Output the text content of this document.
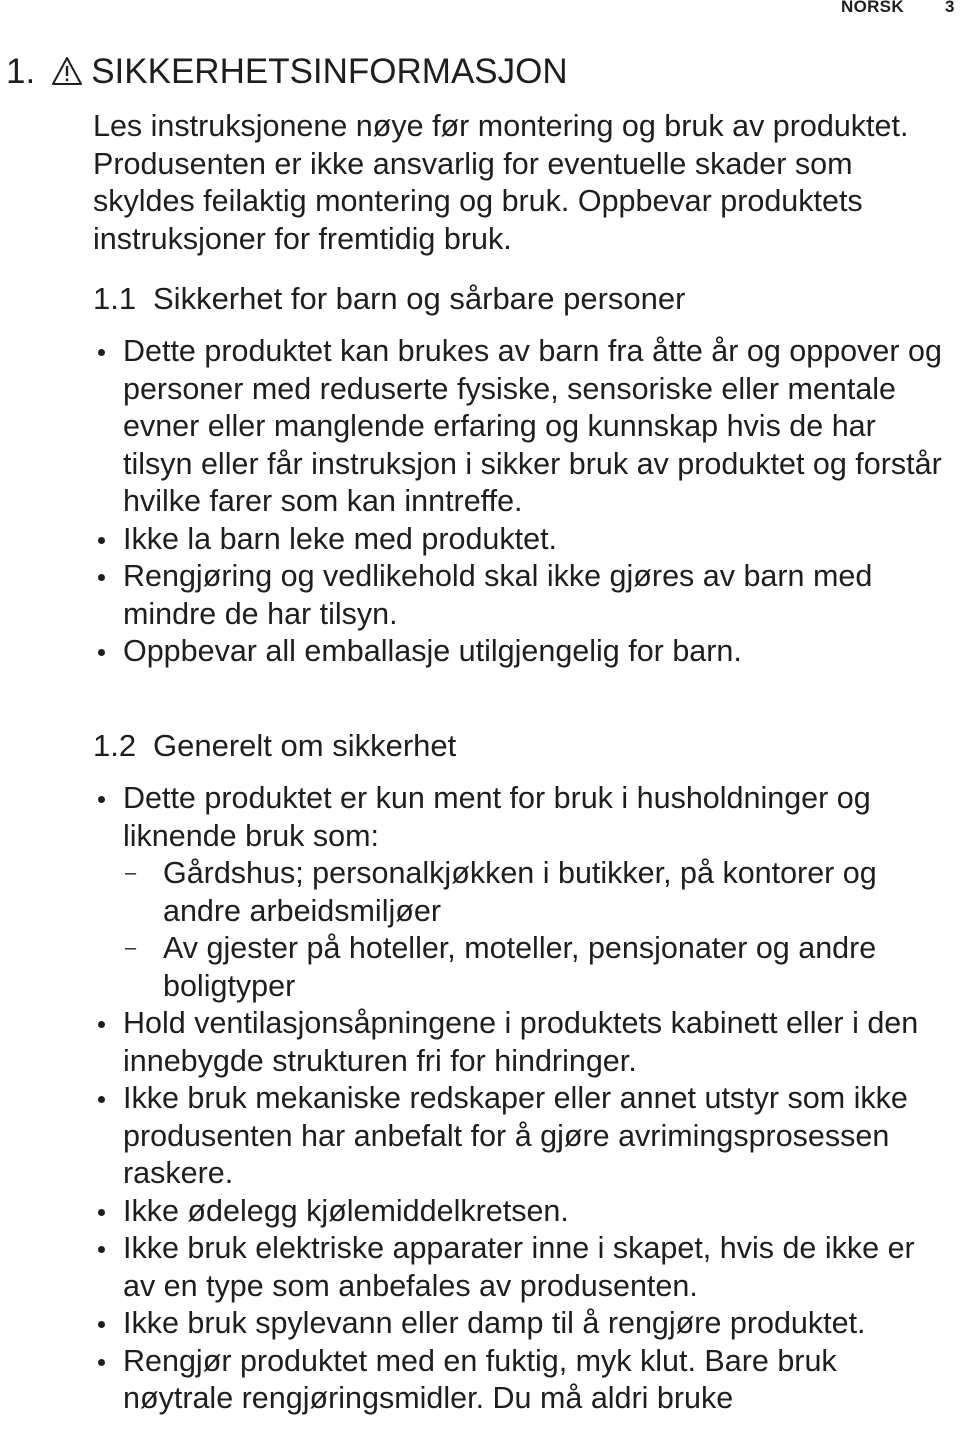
NORSK 3
1. SIKKERHETSINFORMASJON

Les instruksjonene nøye før montering og bruk av produktet. Produsenten er ikke ansvarlig for eventuelle skader som skyldes feilaktig montering og bruk. Oppbevar produktets instruksjoner for fremtidig bruk.

1.1 Sikkerhet for barn og sårbare personer
Dette produktet kan brukes av barn fra åtte år og oppover og personer med reduserte fysiske, sensoriske eller mentale evner eller manglende erfaring og kunnskap hvis de har tilsyn eller får instruksjon i sikker bruk av produktet og forstår hvilke farer som kan inntreffe.
Ikke la barn leke med produktet.
Rengjøring og vedlikehold skal ikke gjøres av barn med mindre de har tilsyn.
Oppbevar all emballasje utilgjengelig for barn.
1.2 Generelt om sikkerhet
Dette produktet er kun ment for bruk i husholdninger og liknende bruk som:
– Gårdshus; personalkjøkken i butikker, på kontorer og andre arbeidsmiljøer
– Av gjester på hoteller, moteller, pensjonater og andre boligtyper
Hold ventilasjonsåpningene i produktets kabinett eller i den innebygde strukturen fri for hindringer.
Ikke bruk mekaniske redskaper eller annet utstyr som ikke produsenten har anbefalt for å gjøre avrimingsprosessen raskere.
Ikke ødelegg kjølemiddelkretsen.
Ikke bruk elektriske apparater inne i skapet, hvis de ikke er av en type som anbefales av produsenten.
Ikke bruk spylevann eller damp til å rengjøre produktet.
Rengjør produktet med en fuktig, myk klut. Bare bruk nøytrale rengjøringsmidler. Du må aldri bruke
